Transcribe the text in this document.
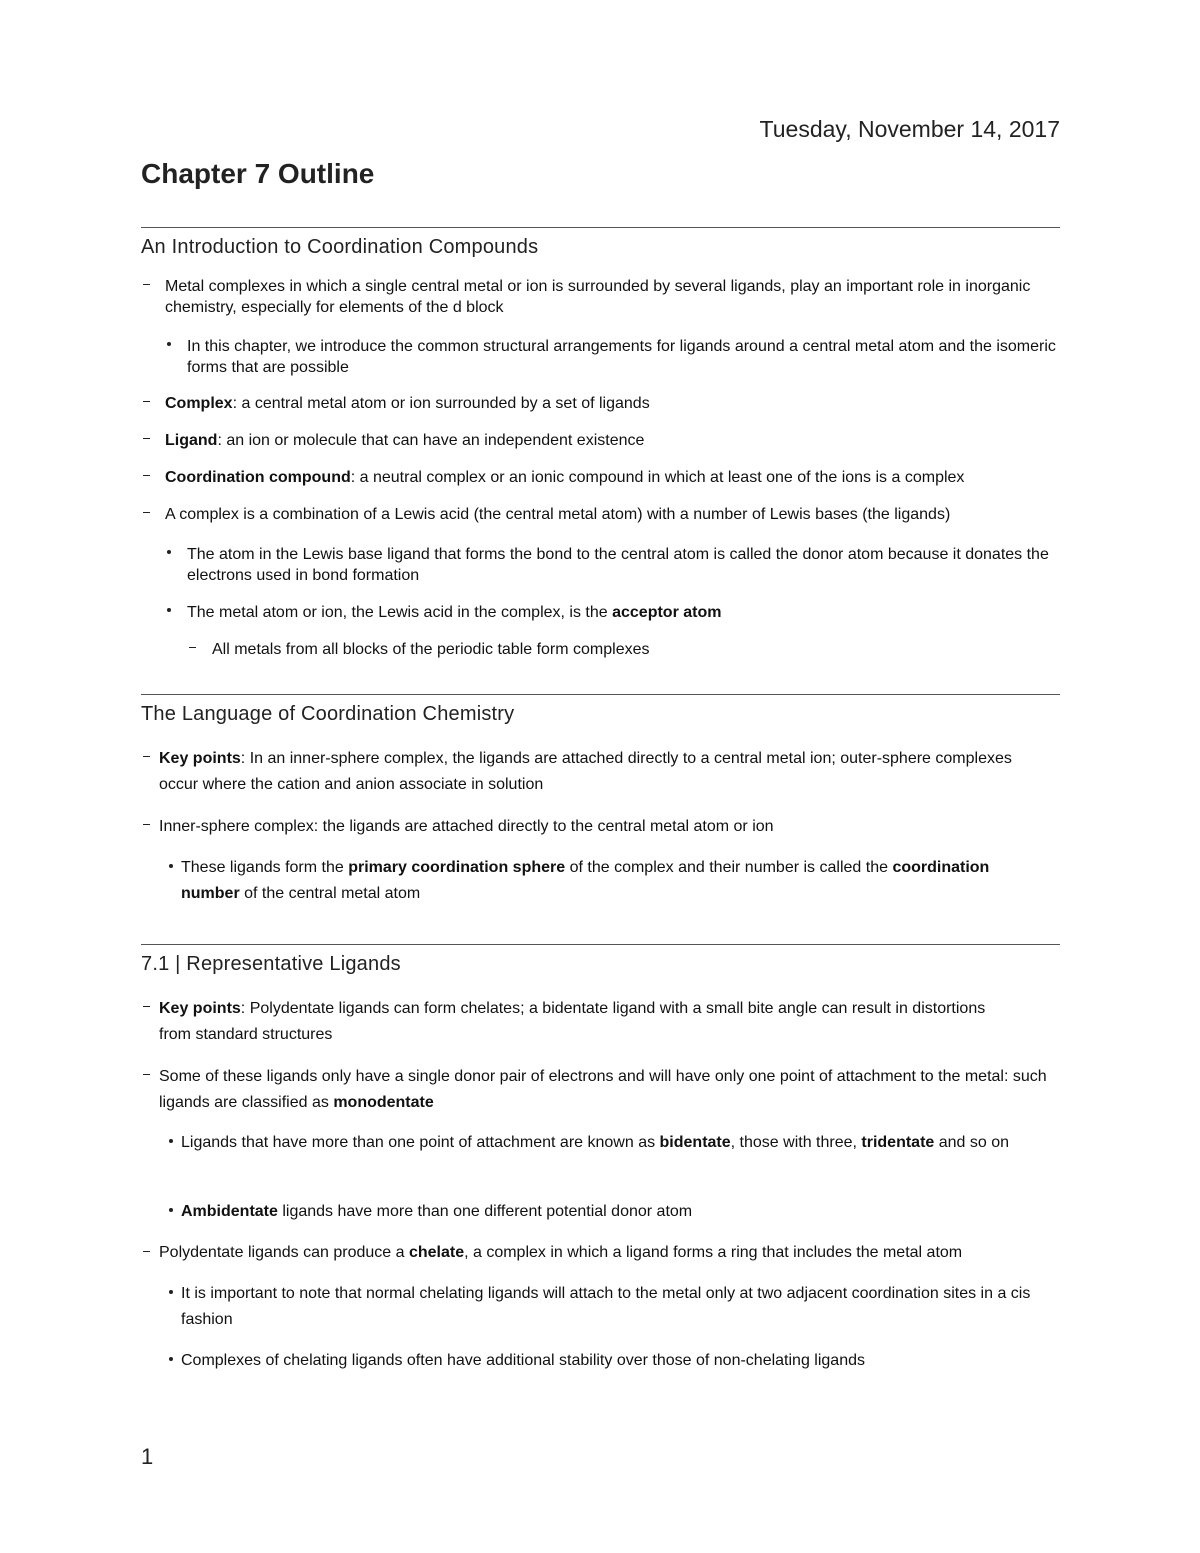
Tuesday, November 14, 2017
Chapter 7 Outline
An Introduction to Coordination Compounds
Metal complexes in which a single central metal or ion is surrounded by several ligands, play an important role in inorganic chemistry, especially for elements of the d block
In this chapter, we introduce the common structural arrangements for ligands around a central metal atom and the isomeric forms that are possible
Complex: a central metal atom or ion surrounded by a set of ligands
Ligand: an ion or molecule that can have an independent existence
Coordination compound: a neutral complex or an ionic compound in which at least one of the ions is a complex
A complex is a combination of a Lewis acid (the central metal atom) with a number of Lewis bases (the ligands)
The atom in the Lewis base ligand that forms the bond to the central atom is called the donor atom because it donates the electrons used in bond formation
The metal atom or ion, the Lewis acid in the complex, is the acceptor atom
All metals from all blocks of the periodic table form complexes
The Language of Coordination Chemistry
Key points: In an inner-sphere complex, the ligands are attached directly to a central metal ion; outer-sphere complexes occur where the cation and anion associate in solution
Inner-sphere complex: the ligands are attached directly to the central metal atom or ion
These ligands form the primary coordination sphere of the complex and their number is called the coordination number of the central metal atom
7.1 | Representative Ligands
Key points: Polydentate ligands can form chelates; a bidentate ligand with a small bite angle can result in distortions from standard structures
Some of these ligands only have a single donor pair of electrons and will have only one point of attachment to the metal: such ligands are classified as monodentate
Ligands that have more than one point of attachment are known as bidentate, those with three, tridentate and so on
Ambidentate ligands have more than one different potential donor atom
Polydentate ligands can produce a chelate, a complex in which a ligand forms a ring that includes the metal atom
It is important to note that normal chelating ligands will attach to the metal only at two adjacent coordination sites in a cis fashion
Complexes of chelating ligands often have additional stability over those of non-chelating ligands
1
